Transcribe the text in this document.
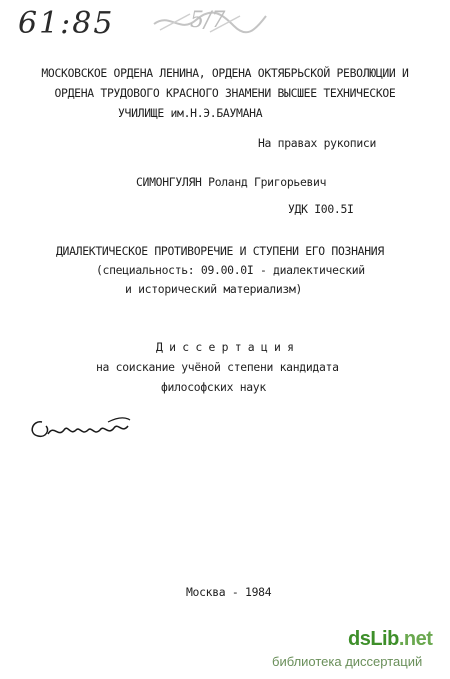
61:85	5/7
МОСКОВСКОЕ ОРДЕНА ЛЕНИНА, ОРДЕНА ОКТЯБРЬСКОЙ РЕВОЛЮЦИИ И
ОРДЕНА ТРУДОВОГО КРАСНОГО ЗНАМЕНИ ВЫСШЕЕ ТЕХНИЧЕСКОЕ
УЧИЛИЩЕ им.Н.Э.БАУМАНА
На правах рукописи
СИМОНГУЛЯН Роланд Григорьевич
УДК I00.5I
ДИАЛЕКТИЧЕСКОЕ ПРОТИВОРЕЧИЕ И СТУПЕНИ ЕГО ПОЗНАНИЯ
(специальность: 09.00.0I - диалектический
и исторический материализм)
Д и с с е р т а ц и я
на соискание учёной степени кандидата
философских наук
Москва - 1984
dsLib.net
библиотека диссертаций
